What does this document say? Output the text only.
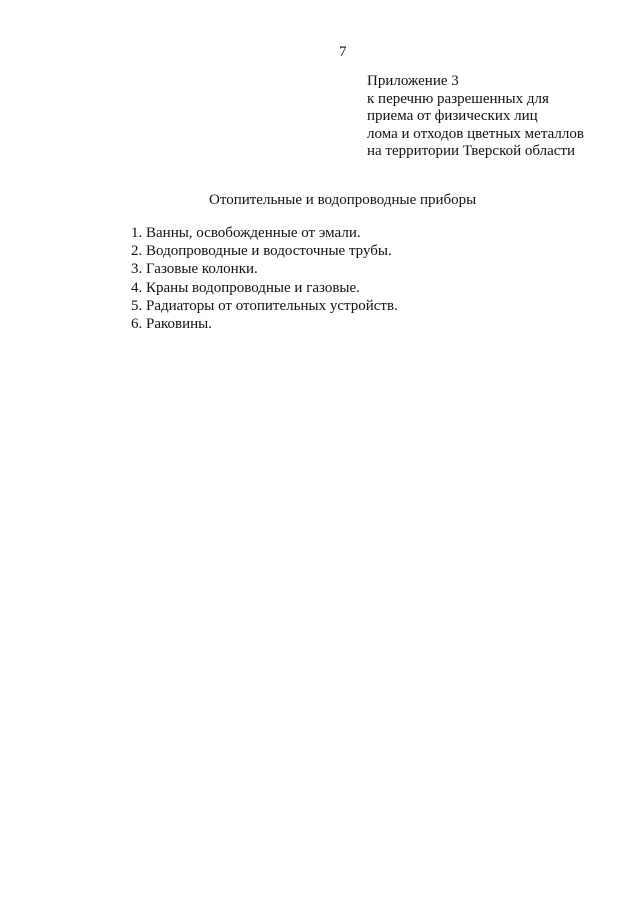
7
Приложение 3
к перечню разрешенных для
приема от физических лиц
лома и отходов цветных металлов
на территории Тверской области
Отопительные и водопроводные приборы
1. Ванны, освобожденные от эмали.
2. Водопроводные и водосточные трубы.
3. Газовые колонки.
4. Краны водопроводные и газовые.
5. Радиаторы от отопительных устройств.
6. Раковины.
